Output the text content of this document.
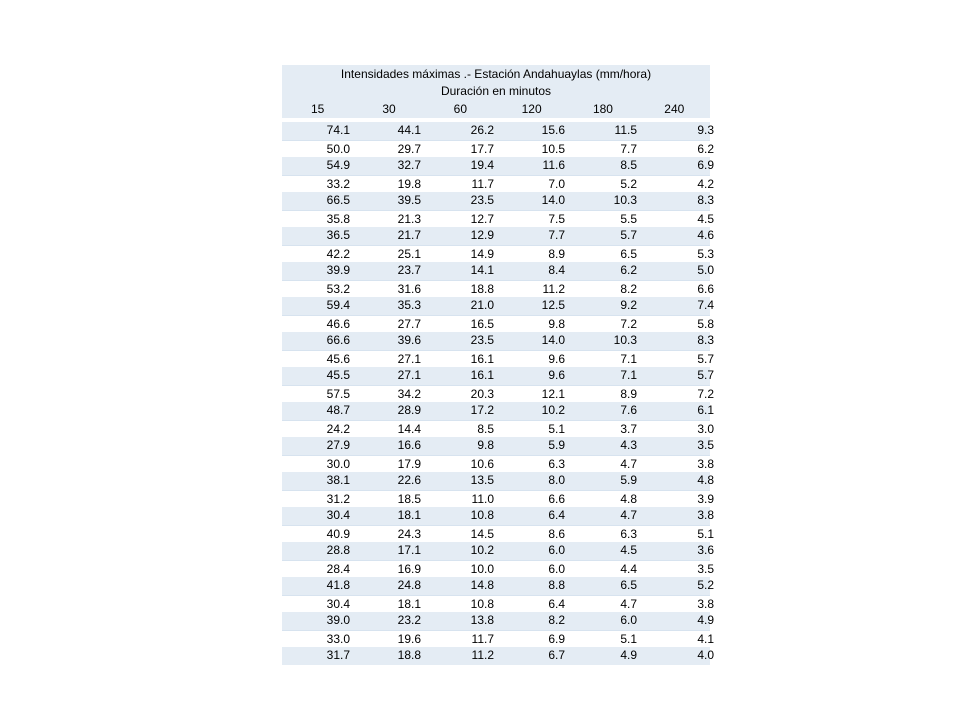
Intensidades máximas .- Estación Andahuaylas (mm/hora)
Duración en minutos
15	30	60	120	180	240
74.1	44.1	26.2	15.6	11.5	9.3
50.0	29.7	17.7	10.5	7.7	6.2
54.9	32.7	19.4	11.6	8.5	6.9
33.2	19.8	11.7	7.0	5.2	4.2
66.5	39.5	23.5	14.0	10.3	8.3
35.8	21.3	12.7	7.5	5.5	4.5
36.5	21.7	12.9	7.7	5.7	4.6
42.2	25.1	14.9	8.9	6.5	5.3
39.9	23.7	14.1	8.4	6.2	5.0
53.2	31.6	18.8	11.2	8.2	6.6
59.4	35.3	21.0	12.5	9.2	7.4
46.6	27.7	16.5	9.8	7.2	5.8
66.6	39.6	23.5	14.0	10.3	8.3
45.6	27.1	16.1	9.6	7.1	5.7
45.5	27.1	16.1	9.6	7.1	5.7
57.5	34.2	20.3	12.1	8.9	7.2
48.7	28.9	17.2	10.2	7.6	6.1
24.2	14.4	8.5	5.1	3.7	3.0
27.9	16.6	9.8	5.9	4.3	3.5
30.0	17.9	10.6	6.3	4.7	3.8
38.1	22.6	13.5	8.0	5.9	4.8
31.2	18.5	11.0	6.6	4.8	3.9
30.4	18.1	10.8	6.4	4.7	3.8
40.9	24.3	14.5	8.6	6.3	5.1
28.8	17.1	10.2	6.0	4.5	3.6
28.4	16.9	10.0	6.0	4.4	3.5
41.8	24.8	14.8	8.8	6.5	5.2
30.4	18.1	10.8	6.4	4.7	3.8
39.0	23.2	13.8	8.2	6.0	4.9
33.0	19.6	11.7	6.9	5.1	4.1
31.7	18.8	11.2	6.7	4.9	4.0
